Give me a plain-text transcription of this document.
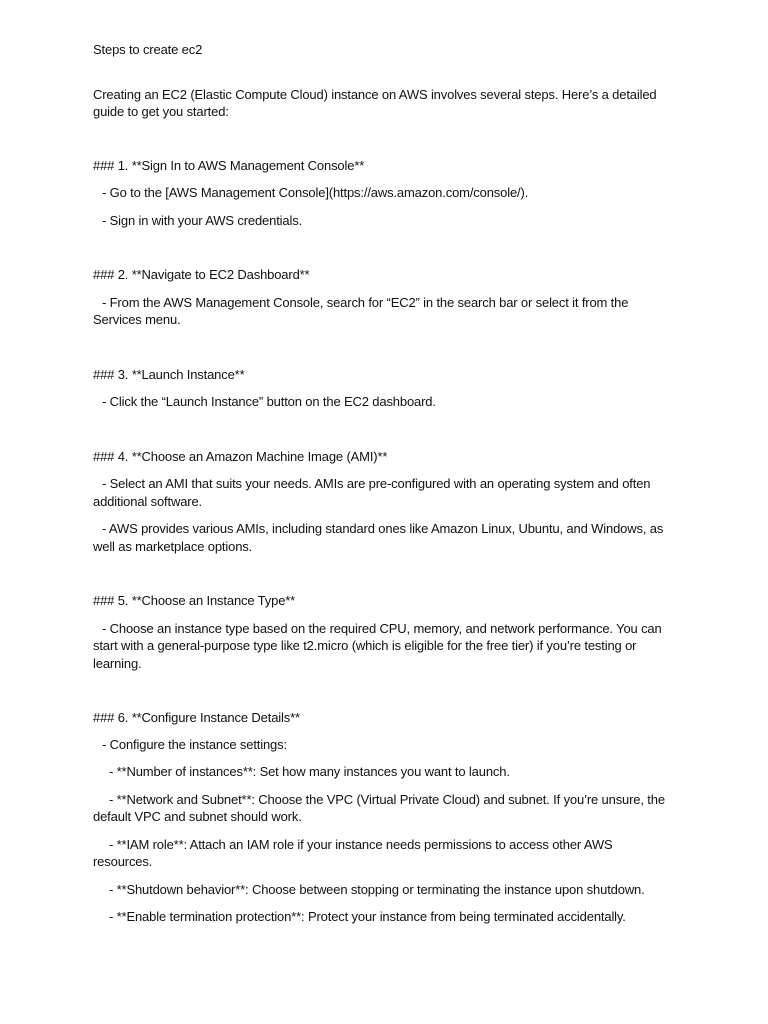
Steps to create ec2

Creating an EC2 (Elastic Compute Cloud) instance on AWS involves several steps. Here’s a detailed guide to get you started:

### 1. **Sign In to AWS Management Console**

- Go to the [AWS Management Console](https://aws.amazon.com/console/).

- Sign in with your AWS credentials.

### 2. **Navigate to EC2 Dashboard**

- From the AWS Management Console, search for “EC2” in the search bar or select it from the Services menu.

### 3. **Launch Instance**

- Click the “Launch Instance” button on the EC2 dashboard.

### 4. **Choose an Amazon Machine Image (AMI)**

- Select an AMI that suits your needs. AMIs are pre-configured with an operating system and often additional software.

- AWS provides various AMIs, including standard ones like Amazon Linux, Ubuntu, and Windows, as well as marketplace options.

### 5. **Choose an Instance Type**

- Choose an instance type based on the required CPU, memory, and network performance. You can start with a general-purpose type like t2.micro (which is eligible for the free tier) if you’re testing or learning.

### 6. **Configure Instance Details**

- Configure the instance settings:

- **Number of instances**: Set how many instances you want to launch.

- **Network and Subnet**: Choose the VPC (Virtual Private Cloud) and subnet. If you’re unsure, the default VPC and subnet should work.

- **IAM role**: Attach an IAM role if your instance needs permissions to access other AWS resources.

- **Shutdown behavior**: Choose between stopping or terminating the instance upon shutdown.

- **Enable termination protection**: Protect your instance from being terminated accidentally.
